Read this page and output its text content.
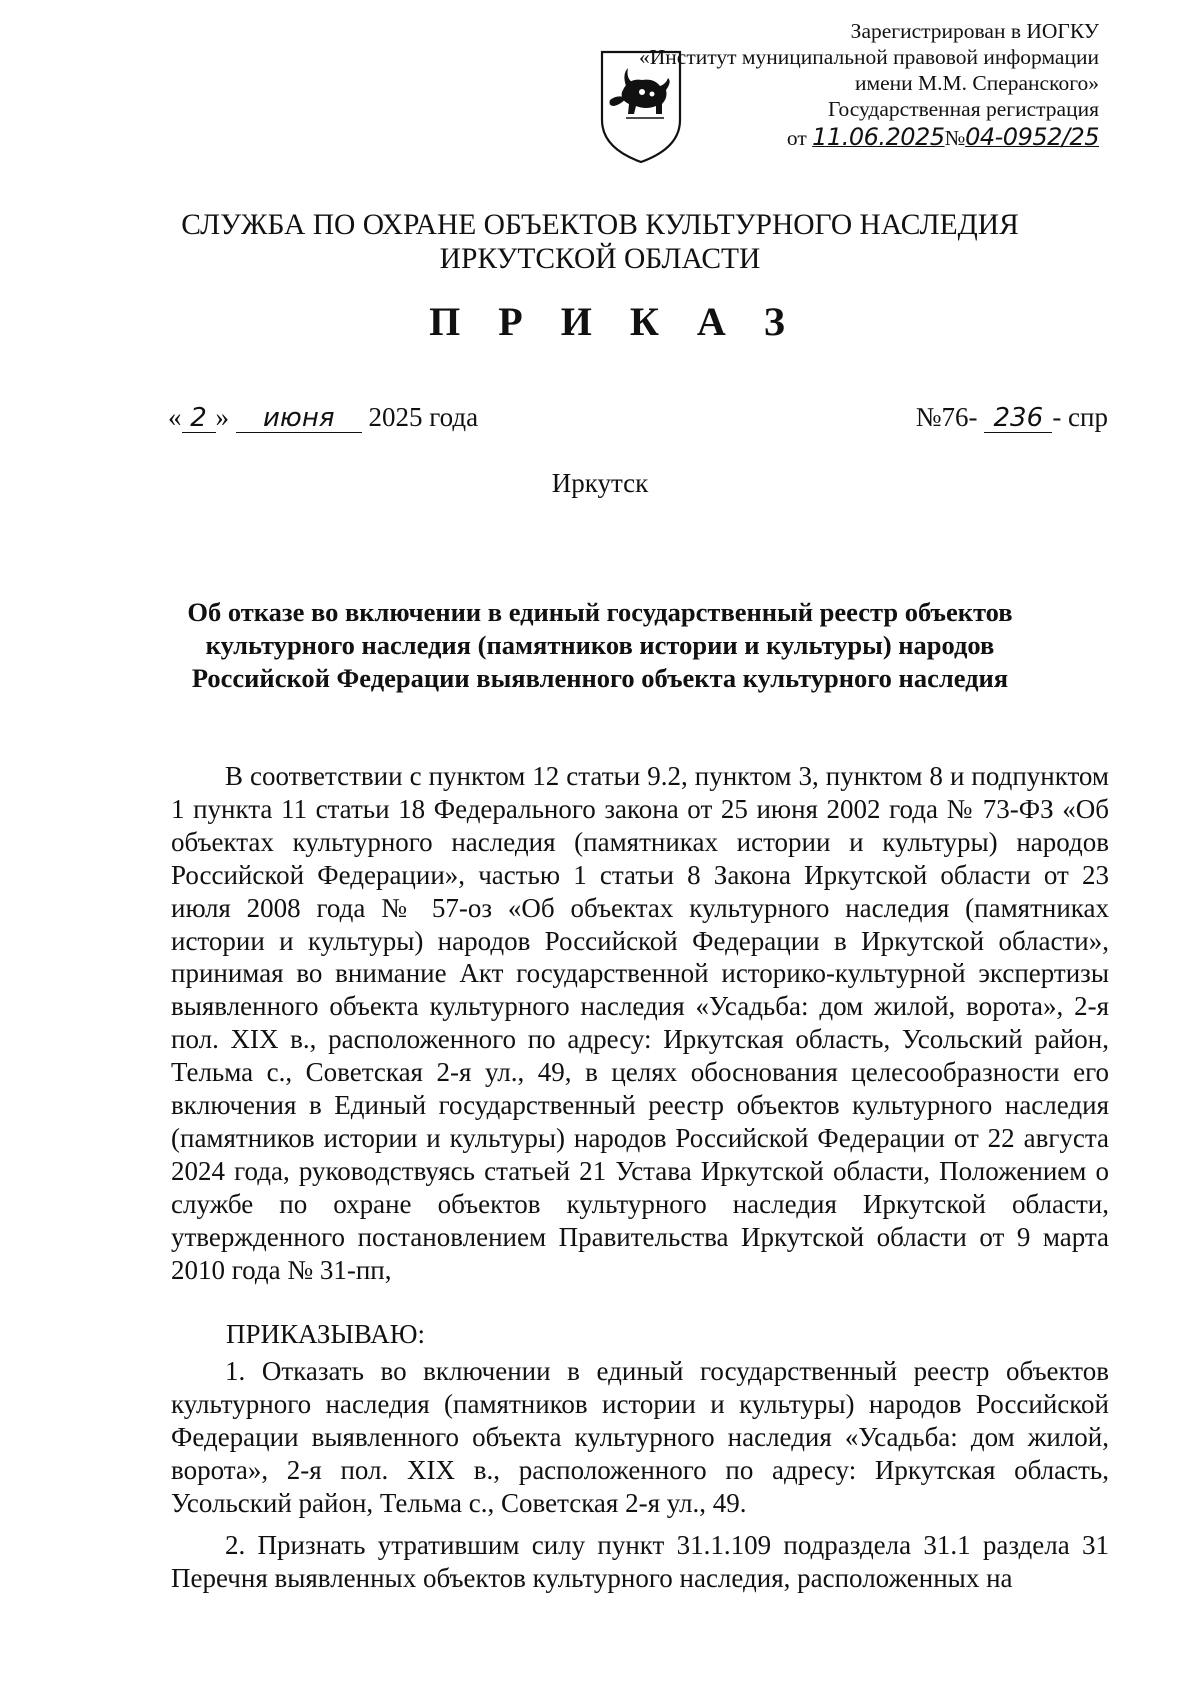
Зарегистрирован в ИОГКУ
«Институт муниципальной правовой информации
имени М.М. Сперанского»
Государственная регистрация
от 11.06.2025№04-0952/25
СЛУЖБА ПО ОХРАНЕ ОБЪЕКТОВ КУЛЬТУРНОГО НАСЛЕДИЯ
ИРКУТСКОЙ ОБЛАСТИ
П Р И К А З
« 2 » июня 2025 года	№76- 236 - спр
Иркутск
Об отказе во включении в единый государственный реестр объектов культурного наследия (памятников истории и культуры) народов Российской Федерации выявленного объекта культурного наследия
В соответствии с пунктом 12 статьи 9.2, пунктом 3, пунктом 8 и подпунктом 1 пункта 11 статьи 18 Федерального закона от 25 июня 2002 года № 73-ФЗ «Об объектах культурного наследия (памятниках истории и культуры) народов Российской Федерации», частью 1 статьи 8 Закона Иркутской области от 23 июля 2008 года № 57-оз «Об объектах культурного наследия (памятниках истории и культуры) народов Российской Федерации в Иркутской области», принимая во внимание Акт государственной историко-культурной экспертизы выявленного объекта культурного наследия «Усадьба: дом жилой, ворота», 2-я пол. XIX в., расположенного по адресу: Иркутская область, Усольский район, Тельма с., Советская 2-я ул., 49, в целях обоснования целесообразности его включения в Единый государственный реестр объектов культурного наследия (памятников истории и культуры) народов Российской Федерации от 22 августа 2024 года, руководствуясь статьей 21 Устава Иркутской области, Положением о службе по охране объектов культурного наследия Иркутской области, утвержденного постановлением Правительства Иркутской области от 9 марта 2010 года № 31-пп,
ПРИКАЗЫВАЮ:
1. Отказать во включении в единый государственный реестр объектов культурного наследия (памятников истории и культуры) народов Российской Федерации выявленного объекта культурного наследия «Усадьба: дом жилой, ворота», 2-я пол. XIX в., расположенного по адресу: Иркутская область, Усольский район, Тельма с., Советская 2-я ул., 49.
2. Признать утратившим силу пункт 31.1.109 подраздела 31.1 раздела 31 Перечня выявленных объектов культурного наследия, расположенных на
